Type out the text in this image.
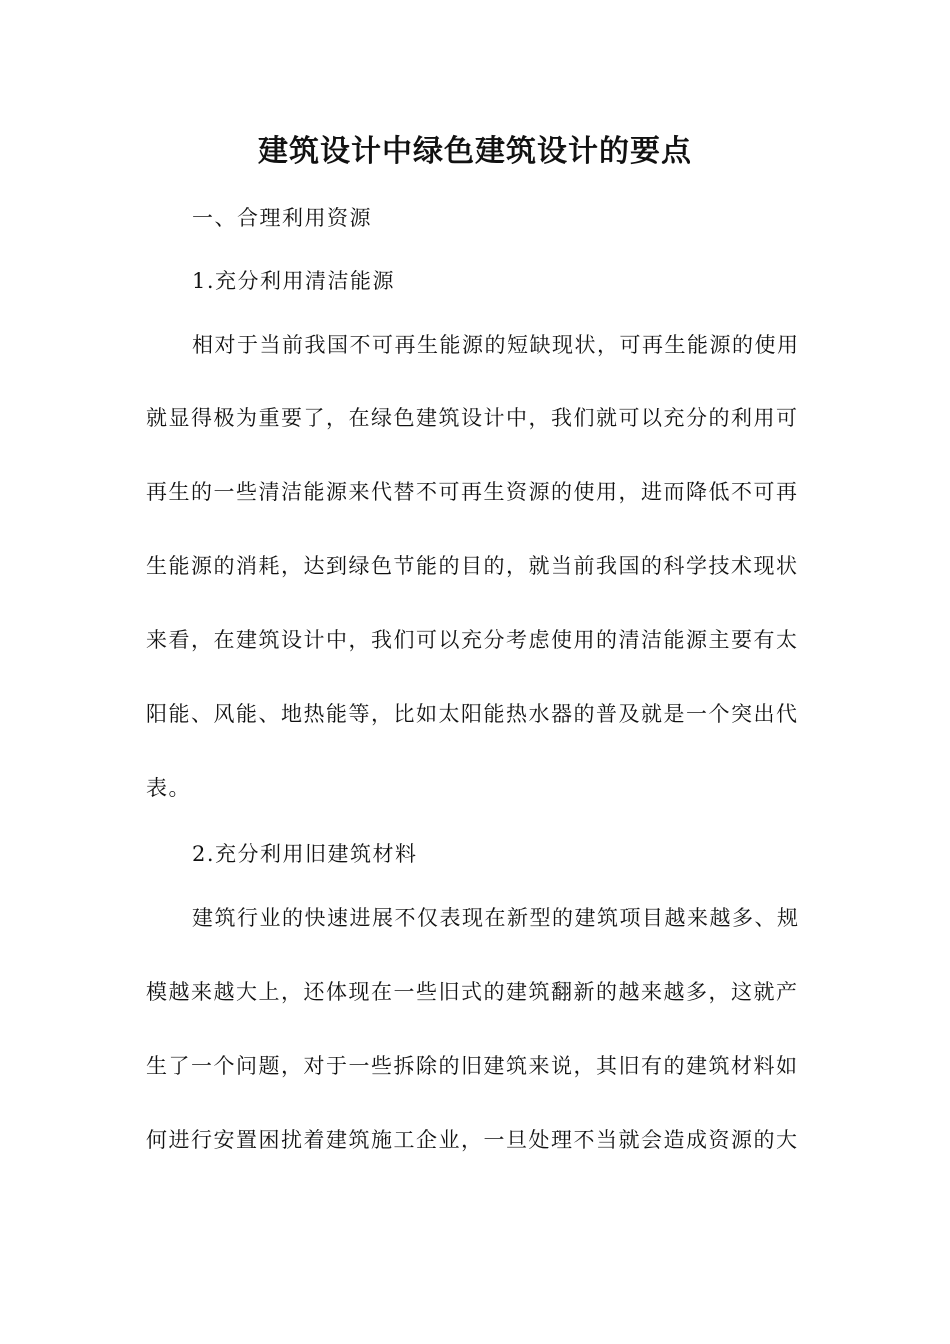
建筑设计中绿色建筑设计的要点

一、合理利用资源

1.充分利用清洁能源

相对于当前我国不可再生能源的短缺现状，可再生能源的使用

就显得极为重要了，在绿色建筑设计中，我们就可以充分的利用可

再生的一些清洁能源来代替不可再生资源的使用，进而降低不可再

生能源的消耗，达到绿色节能的目的，就当前我国的科学技术现状

来看，在建筑设计中，我们可以充分考虑使用的清洁能源主要有太

阳能、风能、地热能等，比如太阳能热水器的普及就是一个突出代

表。

2.充分利用旧建筑材料

建筑行业的快速进展不仅表现在新型的建筑项目越来越多、规

模越来越大上，还体现在一些旧式的建筑翻新的越来越多，这就产

生了一个问题，对于一些拆除的旧建筑来说，其旧有的建筑材料如

何进行安置困扰着建筑施工企业，一旦处理不当就会造成资源的大
